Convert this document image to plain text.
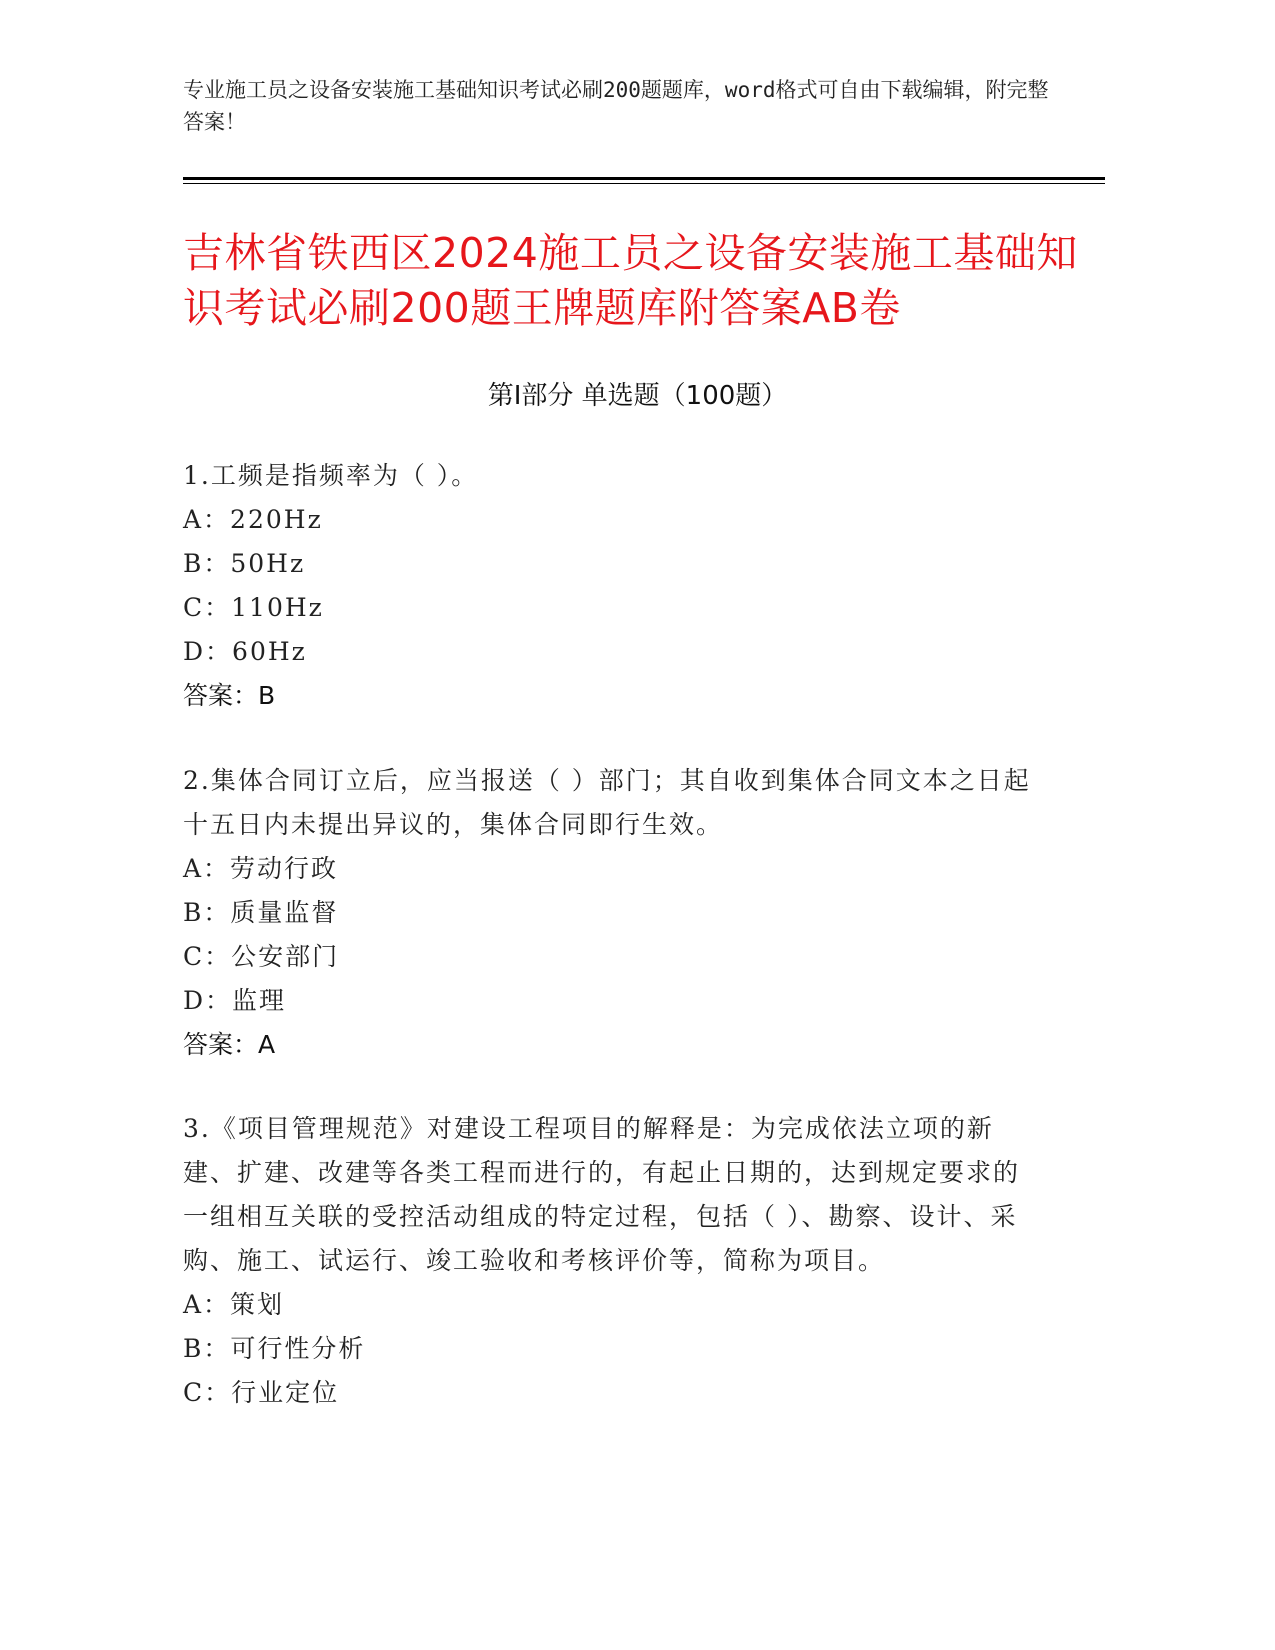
专业施工员之设备安装施工基础知识考试必刷200题题库，word格式可自由下载编辑，附完整答案！
吉林省铁西区2024施工员之设备安装施工基础知识考试必刷200题王牌题库附答案AB卷
第Ⅰ部分 单选题（100题）

1.工频是指频率为（ ）。

A：220Hz

B：50Hz

C：110Hz

D：60Hz

答案：B

2.集体合同订立后，应当报送（ ）部门；其自收到集体合同文本之日起十五日内未提出异议的，集体合同即行生效。

A：劳动行政

B：质量监督

C：公安部门

D：监理

答案：A

3.《项目管理规范》对建设工程项目的解释是：为完成依法立项的新建、扩建、改建等各类工程而进行的，有起止日期的，达到规定要求的一组相互关联的受控活动组成的特定过程，包括（ ）、勘察、设计、采购、施工、试运行、竣工验收和考核评价等，简称为项目。

A：策划

B：可行性分析

C：行业定位
